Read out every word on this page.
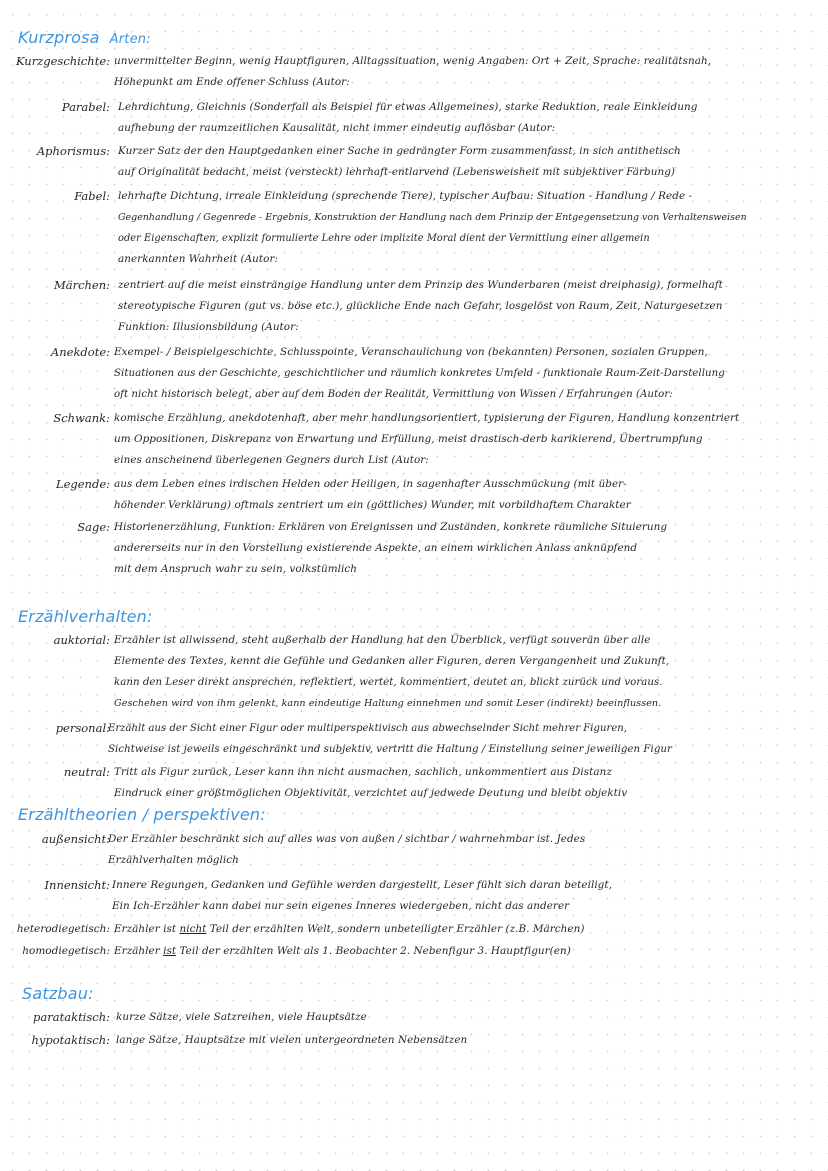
Kurzprosa Arten:
Kurzgeschichte: unvermittelter Beginn, wenig Hauptfiguren, Alltagssituation, wenig Angaben: Ort + Zeit, Sprache: realitätsnah,
Höhepunkt am Ende offener Schluss (Autor:
Parabel: Lehrdichtung, Gleichnis (Sonderfall als Beispiel für etwas Allgemeines), starke Reduktion, reale Einkleidung
aufhebung der raumzeitlichen Kausalität, nicht immer eindeutig auflösbar (Autor:
Aphorismus: Kurzer Satz der den Hauptgedanken einer Sache in gedrängter Form zusammenfasst, in sich antithetisch
auf Originalität bedacht, meist (versteckt) lehrhaft-entlarvend (Lebensweisheit mit subjektiver Färbung)
Fabel: lehrhafte Dichtung, irreale Einkleidung (sprechende Tiere), typischer Aufbau: Situation - Handlung / Rede -
Gegenhandlung / Gegenrede - Ergebnis, Konstruktion der Handlung nach dem Prinzip der Entgegensetzung von Verhaltensweisen
oder Eigenschaften, explizit formulierte Lehre oder implizite Moral dient der Vermittlung einer allgemein
anerkannten Wahrheit (Autor:
Märchen: zentriert auf die meist einsträngige Handlung unter dem Prinzip des Wunderbaren (meist dreiphasig), formelhaft
stereotypische Figuren (gut vs. böse etc.), glückliche Ende nach Gefahr, losgelöst von Raum, Zeit, Naturgesetzen
Funktion: Illusionsbildung (Autor:
Anekdote: Exempel- / Beispielgeschichte, Schlusspointe, Veranschaulichung von (bekannten) Personen, sozialen Gruppen,
Situationen aus der Geschichte, geschichtlicher und räumlich konkretes Umfeld - funktionale Raum-Zeit-Darstellung
oft nicht historisch belegt, aber auf dem Boden der Realität, Vermittlung von Wissen / Erfahrungen (Autor:
Schwank: komische Erzählung, anekdotenhaft, aber mehr handlungsorientiert, typisierung der Figuren, Handlung konzentriert
um Oppositionen, Diskrepanz von Erwartung und Erfüllung, meist drastisch-derb karikierend, Übertrumpfung
eines anscheinend überlegenen Gegners durch List (Autor:
Legende: aus dem Leben eines irdischen Helden oder Heiligen, in sagenhafter Ausschmückung (mit über-
höhender Verklärung) oftmals zentriert um ein (göttliches) Wunder, mit vorbildhaftem Charakter
Sage: Historienerzählung, Funktion: Erklären von Ereignissen und Zuständen, konkrete räumliche Situierung
andererseits nur in den Vorstellung existierende Aspekte, an einem wirklichen Anlass anknüpfend
mit dem Anspruch wahr zu sein, volkstümlich
Erzählverhalten:
auktorial: Erzähler ist allwissend, steht außerhalb der Handlung hat den Überblick, verfügt souverän über alle
Elemente des Textes, kennt die Gefühle und Gedanken aller Figuren, deren Vergangenheit und Zukunft,
kann den Leser direkt ansprechen, reflektiert, wertet, kommentiert, deutet an, blickt zurück und voraus.
Geschehen wird von ihm gelenkt, kann eindeutige Haltung einnehmen und somit Leser (indirekt) beeinflussen.
personal:
Erzählt aus der Sicht einer Figur oder multiperspektivisch aus abwechselnder Sicht mehrer Figuren,
Sichtweise ist jeweils eingeschränkt und subjektiv, vertritt die Haltung / Einstellung seiner jeweiligen Figur
neutral: Tritt als Figur zurück, Leser kann ihn nicht ausmachen, sachlich, unkommentiert aus Distanz
Eindruck einer größtmöglichen Objektivität, verzichtet auf jedwede Deutung und bleibt objektiv
Erzähltheorien / perspektiven:
außensicht:
Der Erzähler beschränkt sich auf alles was von außen / sichtbar / wahrnehmbar ist. Jedes
Erzählverhalten möglich
Innensicht: Innere Regungen, Gedanken und Gefühle werden dargestellt, Leser fühlt sich daran beteiligt,
Ein Ich-Erzähler kann dabei nur sein eigenes Inneres wiedergeben, nicht das anderer
heterodiegetisch: Erzähler ist nicht Teil der erzählten Welt, sondern unbeteiligter Erzähler (z.B. Märchen)
homodiegetisch: Erzähler ist Teil der erzählten Welt als 1. Beobachter 2. Nebenfigur 3. Hauptfigur(en)
Satzbau:
parataktisch: kurze Sätze, viele Satzreihen, viele Hauptsätze
hypotaktisch: lange Sätze, Hauptsätze mit vielen untergeordneten Nebensätzen
